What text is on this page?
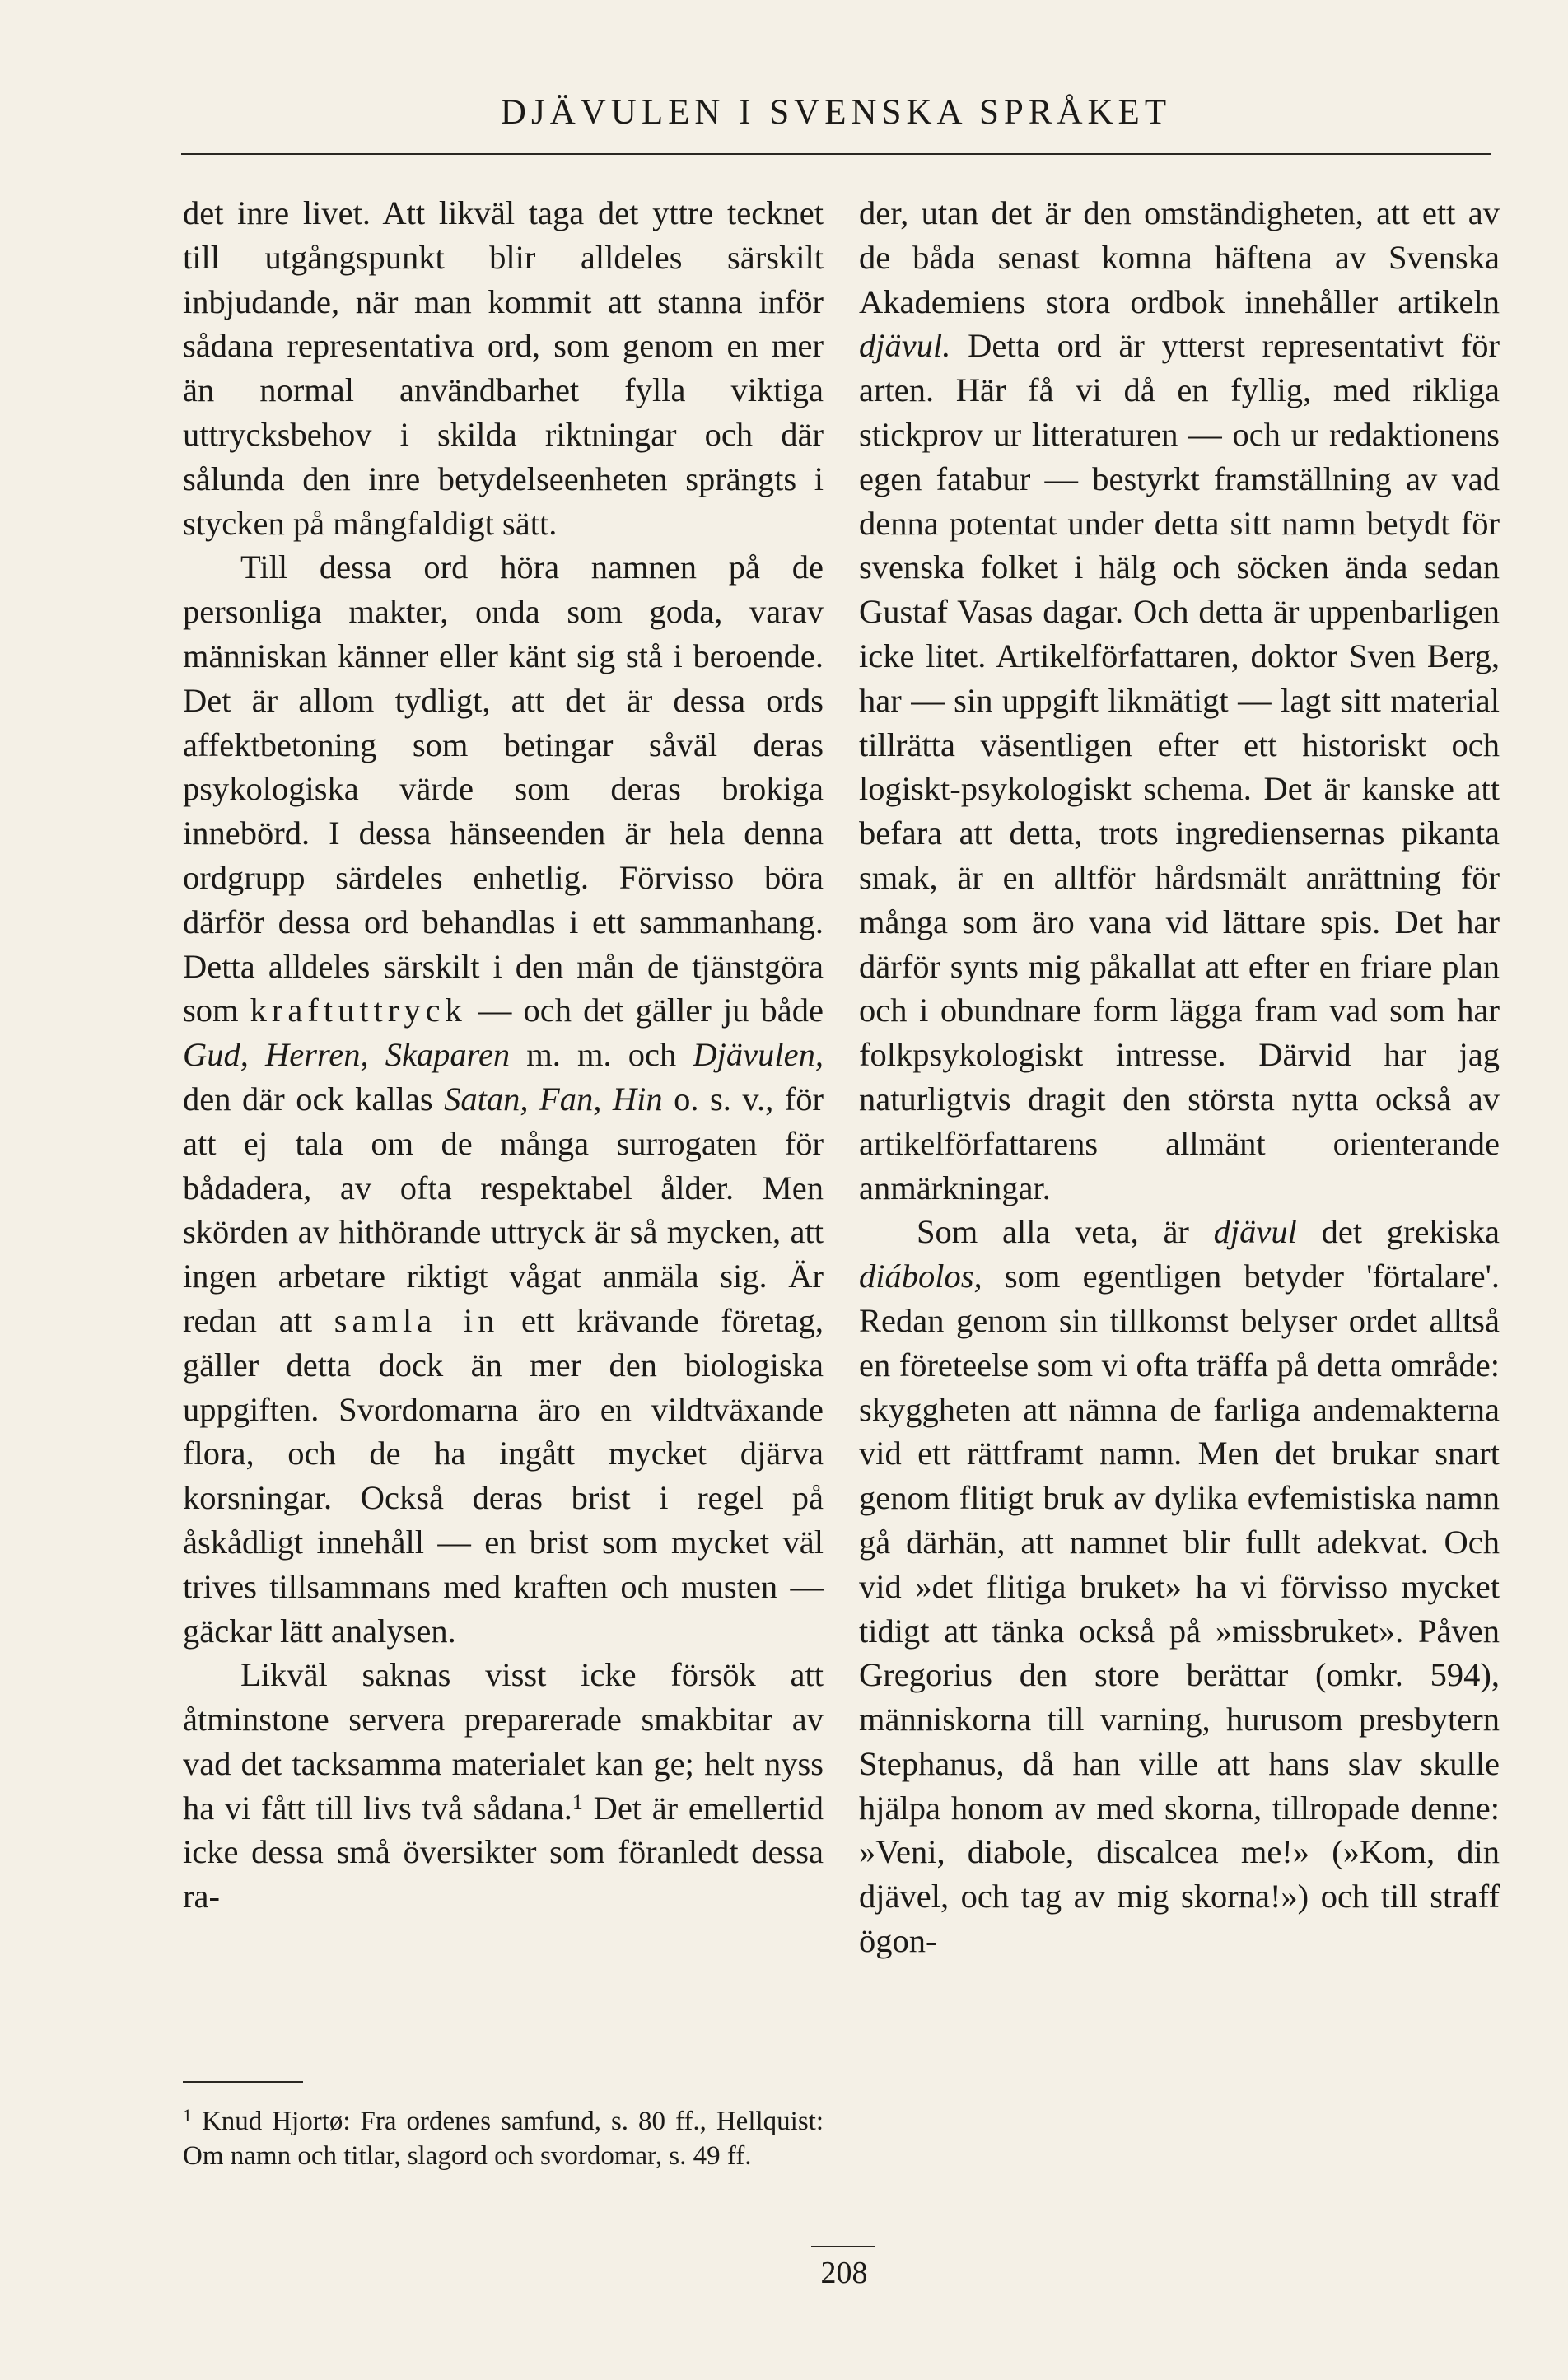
DJÄVULEN I SVENSKA SPRÅKET

det inre livet. Att likväl taga det yttre tecknet till utgångspunkt blir alldeles särskilt inbjudande, när man kommit att stanna inför sådana representativa ord, som genom en mer än normal användbarhet fylla viktiga uttrycksbehov i skilda riktningar och där sålunda den inre betydelseenheten sprängts i stycken på mångfaldigt sätt.

Till dessa ord höra namnen på de personliga makter, onda som goda, varav människan känner eller känt sig stå i beroende. Det är allom tydligt, att det är dessa ords affektbetoning som betingar såväl deras psykologiska värde som deras brokiga innebörd. I dessa hänseenden är hela denna ordgrupp särdeles enhetlig. Förvisso böra därför dessa ord behandlas i ett sammanhang. Detta alldeles särskilt i den mån de tjänstgöra som kraftuttryck — och det gäller ju både Gud, Herren, Skaparen m. m. och Djävulen, den där ock kallas Satan, Fan, Hin o. s. v., för att ej tala om de många surrogaten för bådadera, av ofta respektabel ålder. Men skörden av hithörande uttryck är så mycken, att ingen arbetare riktigt vågat anmäla sig. Är redan att samla in ett krävande företag, gäller detta dock än mer den biologiska uppgiften. Svordomarna äro en vildtväxande flora, och de ha ingått mycket djärva korsningar. Också deras brist i regel på åskådligt innehåll — en brist som mycket väl trives tillsammans med kraften och musten — gäckar lätt analysen.

Likväl saknas visst icke försök att åtminstone servera preparerade smakbitar av vad det tacksamma materialet kan ge; helt nyss ha vi fått till livs två sådana.$^1$ Det är emellertid icke dessa små översikter som föranledt dessa ra-

der, utan det är den omständigheten, att ett av de båda senast komna häftena av Svenska Akademiens stora ordbok innehåller artikeln djävul. Detta ord är ytterst representativt för arten. Här få vi då en fyllig, med rikliga stickprov ur litteraturen — och ur redaktionens egen fatabur — bestyrkt framställning av vad denna potentat under detta sitt namn betydt för svenska folket i hälg och söcken ända sedan Gustaf Vasas dagar. Och detta är uppenbarligen icke litet. Artikelförfattaren, doktor Sven Berg, har — sin uppgift likmätigt — lagt sitt material tillrätta väsentligen efter ett historiskt och logiskt-psykologiskt schema. Det är kanske att befara att detta, trots ingrediensernas pikanta smak, är en alltför hårdsmält anrättning för många som äro vana vid lättare spis. Det har därför synts mig påkallat att efter en friare plan och i obundnare form lägga fram vad som har folkpsykologiskt intresse. Därvid har jag naturligtvis dragit den största nytta också av artikelförfattarens allmänt orienterande anmärkningar.

Som alla veta, är djävul det grekiska diábolos, som egentligen betyder 'förtalare'. Redan genom sin tillkomst belyser ordet alltså en företeelse som vi ofta träffa på detta område: skyggheten att nämna de farliga andemakterna vid ett rättframt namn. Men det brukar snart genom flitigt bruk av dylika evfemistiska namn gå därhän, att namnet blir fullt adekvat. Och vid »det flitiga bruket» ha vi förvisso mycket tidigt att tänka också på »missbruket». Påven Gregorius den store berättar (omkr. 594), människorna till varning, hurusom presbytern Stephanus, då han ville att hans slav skulle hjälpa honom av med skorna, tillropade denne: »Veni, diabole, discalcea me!» (»Kom, din djävel, och tag av mig skorna!») och till straff ögon-

$^1$ Knud Hjortø: Fra ordenes samfund, s. 80 ff., Hellquist: Om namn och titlar, slagord och svordomar, s. 49 ff.
208
